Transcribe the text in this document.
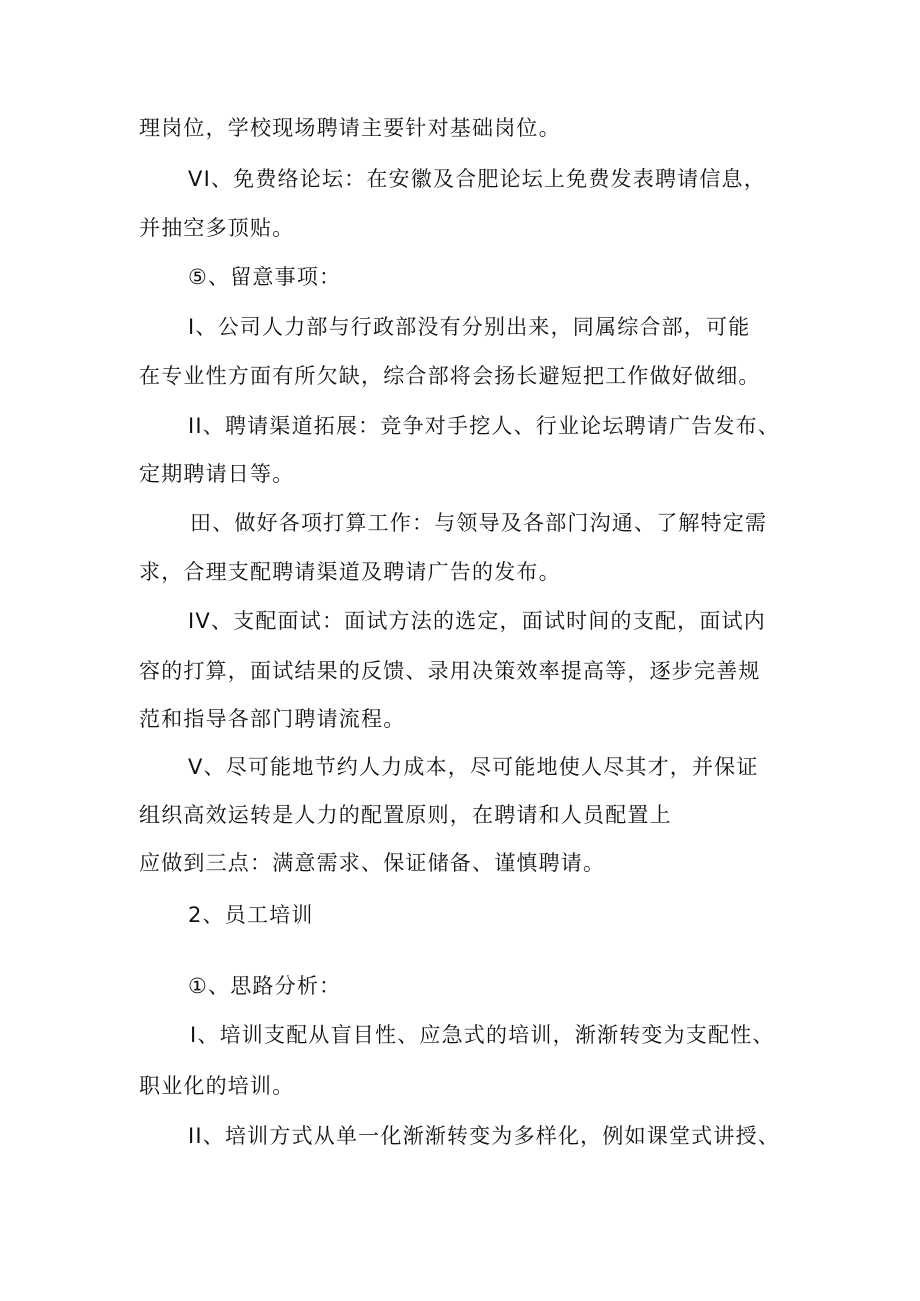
理岗位，学校现场聘请主要针对基础岗位。
VI、免费络论坛：在安徽及合肥论坛上免费发表聘请信息，
并抽空多顶贴。
⑤、留意事项：
I、公司人力部与行政部没有分别出来，同属综合部，可能
在专业性方面有所欠缺，综合部将会扬长避短把工作做好做细。
II、聘请渠道拓展：竞争对手挖人、行业论坛聘请广告发布、
定期聘请日等。
田、做好各项打算工作：与领导及各部门沟通、了解特定需
求，合理支配聘请渠道及聘请广告的发布。
IV、支配面试：面试方法的选定，面试时间的支配，面试内
容的打算，面试结果的反馈、录用决策效率提高等，逐步完善规
范和指导各部门聘请流程。
V、尽可能地节约人力成本，尽可能地使人尽其才，并保证
组织高效运转是人力的配置原则，在聘请和人员配置上
应做到三点：满意需求、保证储备、谨慎聘请。
2、员工培训
①、思路分析：
I、培训支配从盲目性、应急式的培训，渐渐转变为支配性、
职业化的培训。
II、培训方式从单一化渐渐转变为多样化，例如课堂式讲授、
